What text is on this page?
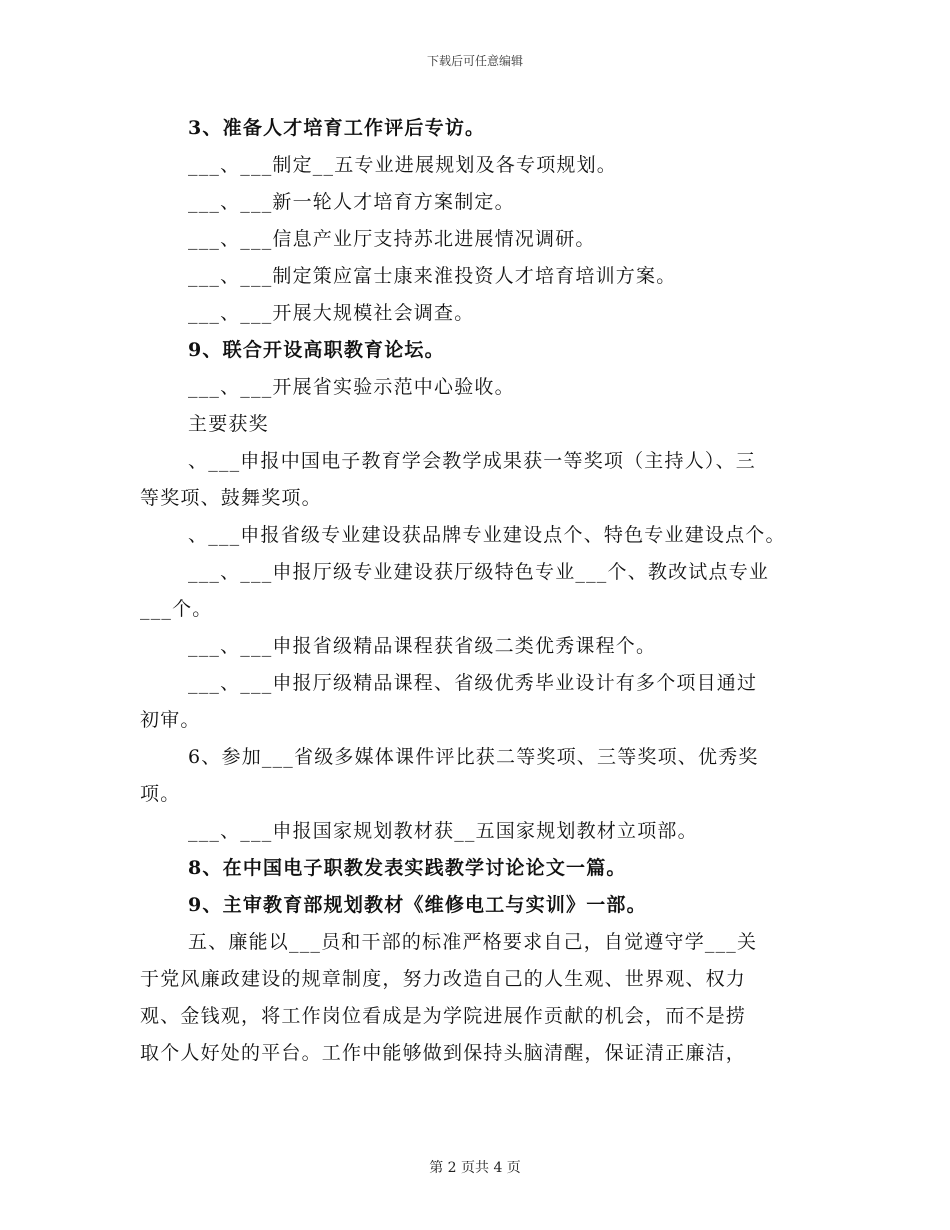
下载后可任意编辑
3、准备人才培育工作评后专访。
___、___制定__五专业进展规划及各专项规划。
___、___新一轮人才培育方案制定。
___、___信息产业厅支持苏北进展情况调研。
___、___制定策应富士康来淮投资人才培育培训方案。
___、___开展大规模社会调查。
9、联合开设高职教育论坛。
___、___开展省实验示范中心验收。
主要获奖
、___申报中国电子教育学会教学成果获一等奖项（主持人）、三
等奖项、鼓舞奖项。
、___申报省级专业建设获品牌专业建设点个、特色专业建设点个。
___、___申报厅级专业建设获厅级特色专业___个、教改试点专业
___个。
___、___申报省级精品课程获省级二类优秀课程个。
___、___申报厅级精品课程、省级优秀毕业设计有多个项目通过
初审。
6、参加___省级多媒体课件评比获二等奖项、三等奖项、优秀奖
项。
___、___申报国家规划教材获__五国家规划教材立项部。
8、在中国电子职教发表实践教学讨论论文一篇。
9、主审教育部规划教材《维修电工与实训》一部。
五、廉能以___员和干部的标准严格要求自己，自觉遵守学___关
于党风廉政建设的规章制度，努力改造自己的人生观、世界观、权力
观、金钱观，将工作岗位看成是为学院进展作贡献的机会，而不是捞
取个人好处的平台。工作中能够做到保持头脑清醒，保证清正廉洁，
第 2 页共 4 页
